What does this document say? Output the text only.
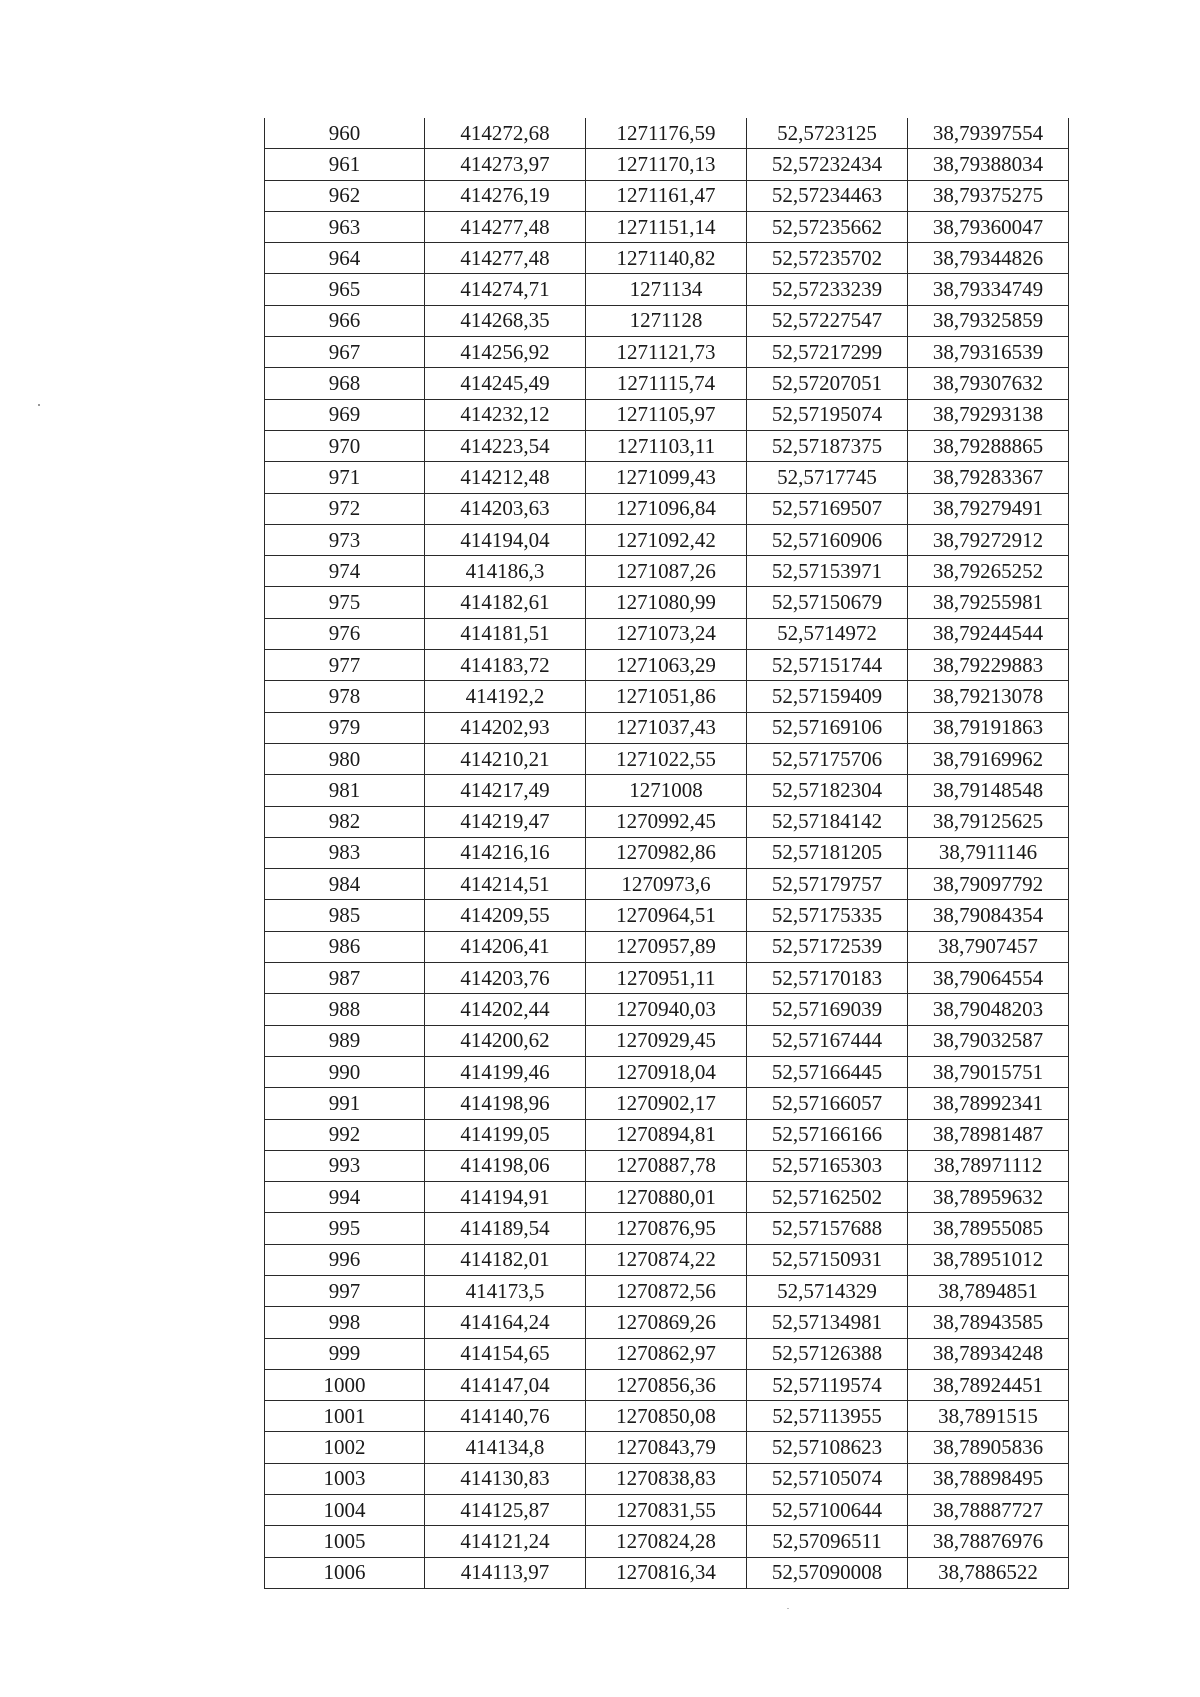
960	414272,68	1271176,59	52,5723125	38,79397554
961	414273,97	1271170,13	52,57232434	38,79388034
962	414276,19	1271161,47	52,57234463	38,79375275
963	414277,48	1271151,14	52,57235662	38,79360047
964	414277,48	1271140,82	52,57235702	38,79344826
965	414274,71	1271134	52,57233239	38,79334749
966	414268,35	1271128	52,57227547	38,79325859
967	414256,92	1271121,73	52,57217299	38,79316539
968	414245,49	1271115,74	52,57207051	38,79307632
969	414232,12	1271105,97	52,57195074	38,79293138
970	414223,54	1271103,11	52,57187375	38,79288865
971	414212,48	1271099,43	52,5717745	38,79283367
972	414203,63	1271096,84	52,57169507	38,79279491
973	414194,04	1271092,42	52,57160906	38,79272912
974	414186,3	1271087,26	52,57153971	38,79265252
975	414182,61	1271080,99	52,57150679	38,79255981
976	414181,51	1271073,24	52,5714972	38,79244544
977	414183,72	1271063,29	52,57151744	38,79229883
978	414192,2	1271051,86	52,57159409	38,79213078
979	414202,93	1271037,43	52,57169106	38,79191863
980	414210,21	1271022,55	52,57175706	38,79169962
981	414217,49	1271008	52,57182304	38,79148548
982	414219,47	1270992,45	52,57184142	38,79125625
983	414216,16	1270982,86	52,57181205	38,7911146
984	414214,51	1270973,6	52,57179757	38,79097792
985	414209,55	1270964,51	52,57175335	38,79084354
986	414206,41	1270957,89	52,57172539	38,7907457
987	414203,76	1270951,11	52,57170183	38,79064554
988	414202,44	1270940,03	52,57169039	38,79048203
989	414200,62	1270929,45	52,57167444	38,79032587
990	414199,46	1270918,04	52,57166445	38,79015751
991	414198,96	1270902,17	52,57166057	38,78992341
992	414199,05	1270894,81	52,57166166	38,78981487
993	414198,06	1270887,78	52,57165303	38,78971112
994	414194,91	1270880,01	52,57162502	38,78959632
995	414189,54	1270876,95	52,57157688	38,78955085
996	414182,01	1270874,22	52,57150931	38,78951012
997	414173,5	1270872,56	52,5714329	38,7894851
998	414164,24	1270869,26	52,57134981	38,78943585
999	414154,65	1270862,97	52,57126388	38,78934248
1000	414147,04	1270856,36	52,57119574	38,78924451
1001	414140,76	1270850,08	52,57113955	38,7891515
1002	414134,8	1270843,79	52,57108623	38,78905836
1003	414130,83	1270838,83	52,57105074	38,78898495
1004	414125,87	1270831,55	52,57100644	38,78887727
1005	414121,24	1270824,28	52,57096511	38,78876976
1006	414113,97	1270816,34	52,57090008	38,7886522
